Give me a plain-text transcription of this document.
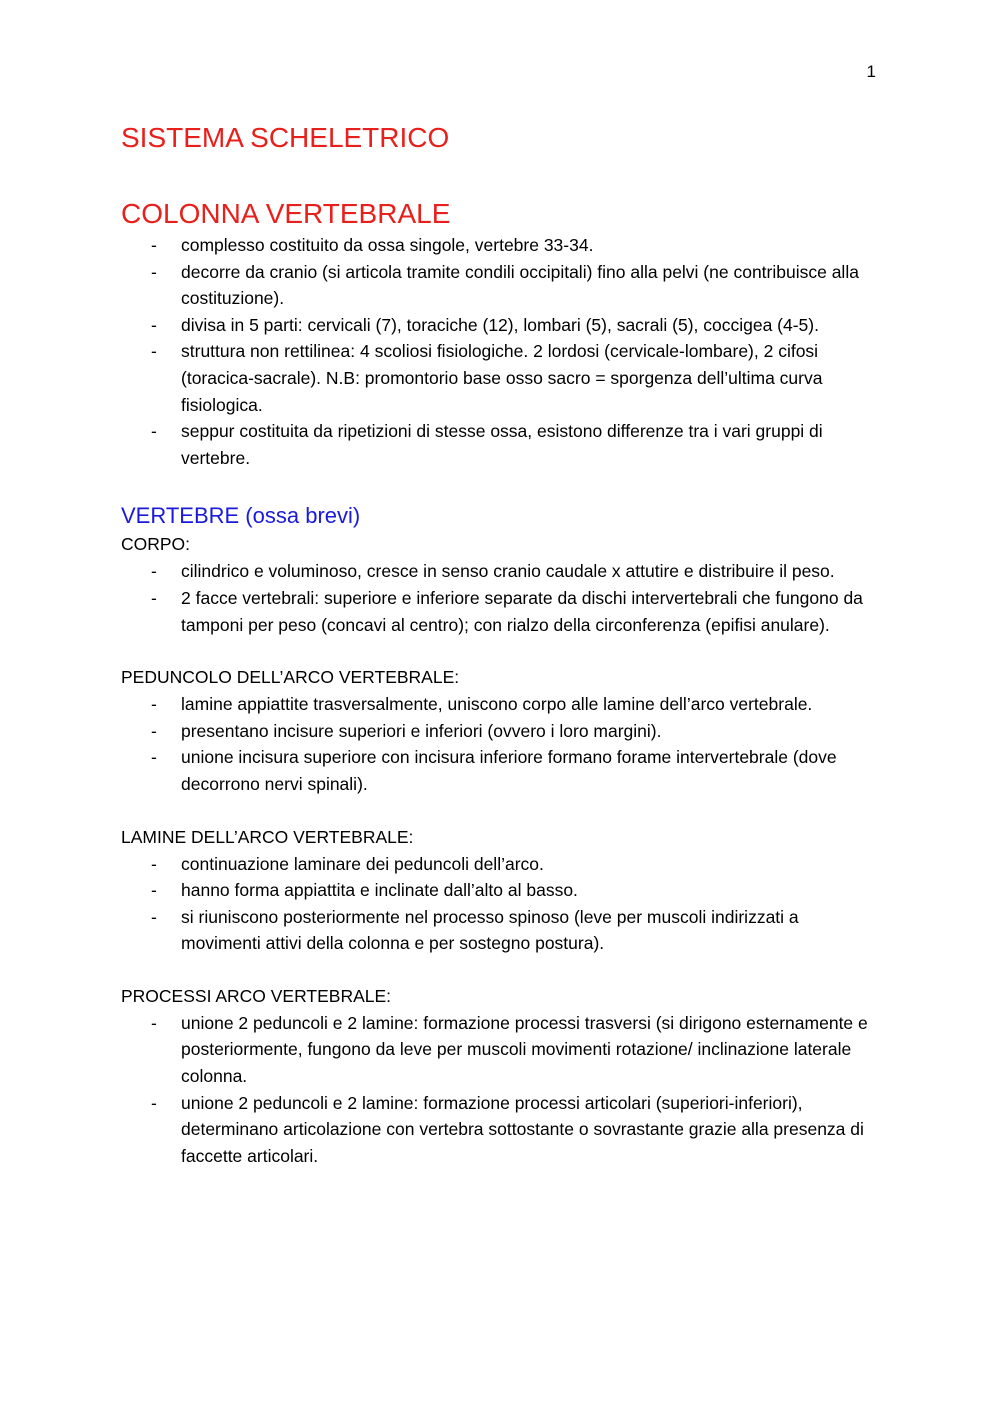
1
SISTEMA SCHELETRICO
COLONNA VERTEBRALE
- complesso costituito da ossa singole, vertebre 33-34.
- decorre da cranio (si articola tramite condili occipitali) fino alla pelvi (ne contribuisce alla costituzione).
- divisa in 5 parti: cervicali (7), toraciche (12), lombari (5), sacrali (5), coccigea (4-5).
- struttura non rettilinea: 4 scoliosi fisiologiche. 2 lordosi (cervicale-lombare), 2 cifosi (toracica-sacrale). N.B: promontorio base osso sacro = sporgenza dell’ultima curva fisiologica.
- seppur costituita da ripetizioni di stesse ossa, esistono differenze tra i vari gruppi di vertebre.
VERTEBRE (ossa brevi)

CORPO:

- cilindrico e voluminoso, cresce in senso cranio caudale x attutire e distribuire il peso.
- 2 facce vertebrali: superiore e inferiore separate da dischi intervertebrali che fungono da tamponi per peso (concavi al centro); con rialzo della circonferenza (epifisi anulare).

PEDUNCOLO DELL’ARCO VERTEBRALE:

- lamine appiattite trasversalmente, uniscono corpo alle lamine dell’arco vertebrale.
- presentano incisure superiori e inferiori (ovvero i loro margini).
- unione incisura superiore con incisura inferiore formano forame intervertebrale (dove decorrono nervi spinali).

LAMINE DELL’ARCO VERTEBRALE:

- continuazione laminare dei peduncoli dell’arco.
- hanno forma appiattita e inclinate dall’alto al basso.
- si riuniscono posteriormente nel processo spinoso (leve per muscoli indirizzati a movimenti attivi della colonna e per sostegno postura).

PROCESSI ARCO VERTEBRALE:

- unione 2 peduncoli e 2 lamine: formazione processi trasversi (si dirigono esternamente e posteriormente, fungono da leve per muscoli movimenti rotazione/ inclinazione laterale colonna.
- unione 2 peduncoli e 2 lamine: formazione processi articolari (superiori-inferiori), determinano articolazione con vertebra sottostante o sovrastante grazie alla presenza di faccette articolari.
